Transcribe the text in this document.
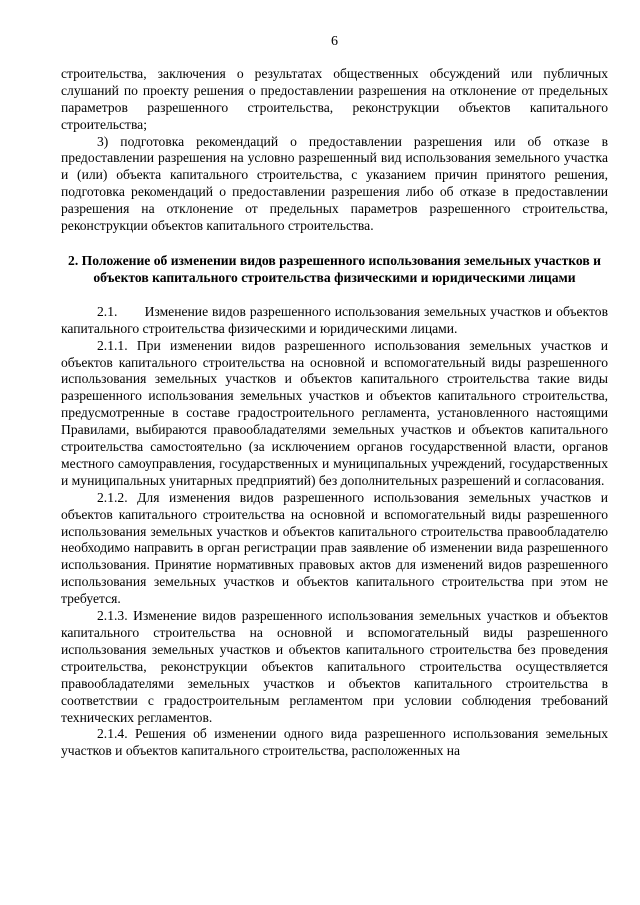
6

строительства, заключения о результатах общественных обсуждений или публичных слушаний по проекту решения о предоставлении разрешения на отклонение от предельных параметров разрешенного строительства, реконструкции объектов капитального строительства;

3) подготовка рекомендаций о предоставлении разрешения или об отказе в предоставлении разрешения на условно разрешенный вид использования земельного участка и (или) объекта капитального строительства, с указанием причин принятого решения, подготовка рекомендаций о предоставлении разрешения либо об отказе в предоставлении разрешения на отклонение от предельных параметров разрешенного строительства, реконструкции объектов капитального строительства.

2. Положение об изменении видов разрешенного использования земельных участков и объектов капитального строительства физическими и юридическими лицами

2.1.  Изменение видов разрешенного использования земельных участков и объектов капитального строительства физическими и юридическими лицами.

2.1.1. При изменении видов разрешенного использования земельных участков и объектов капитального строительства на основной и вспомогательный виды разрешенного использования земельных участков и объектов капитального строительства такие виды разрешенного использования земельных участков и объектов капитального строительства, предусмотренные в составе градостроительного регламента, установленного настоящими Правилами, выбираются правообладателями земельных участков и объектов капитального строительства самостоятельно (за исключением органов государственной власти, органов местного самоуправления, государственных и муниципальных учреждений, государственных и муниципальных унитарных предприятий) без дополнительных разрешений и согласования.

2.1.2. Для изменения видов разрешенного использования земельных участков и объектов капитального строительства на основной и вспомогательный виды разрешенного использования земельных участков и объектов капитального строительства правообладателю необходимо направить в орган регистрации прав заявление об изменении вида разрешенного использования. Принятие нормативных правовых актов для изменений видов разрешенного использования земельных участков и объектов капитального строительства при этом не требуется.

2.1.3. Изменение видов разрешенного использования земельных участков и объектов капитального строительства на основной и вспомогательный виды разрешенного использования земельных участков и объектов капитального строительства без проведения строительства, реконструкции объектов капитального строительства осуществляется правообладателями земельных участков и объектов капитального строительства в соответствии с градостроительным регламентом при условии соблюдения требований технических регламентов.

2.1.4. Решения об изменении одного вида разрешенного использования земельных участков и объектов капитального строительства, расположенных на
